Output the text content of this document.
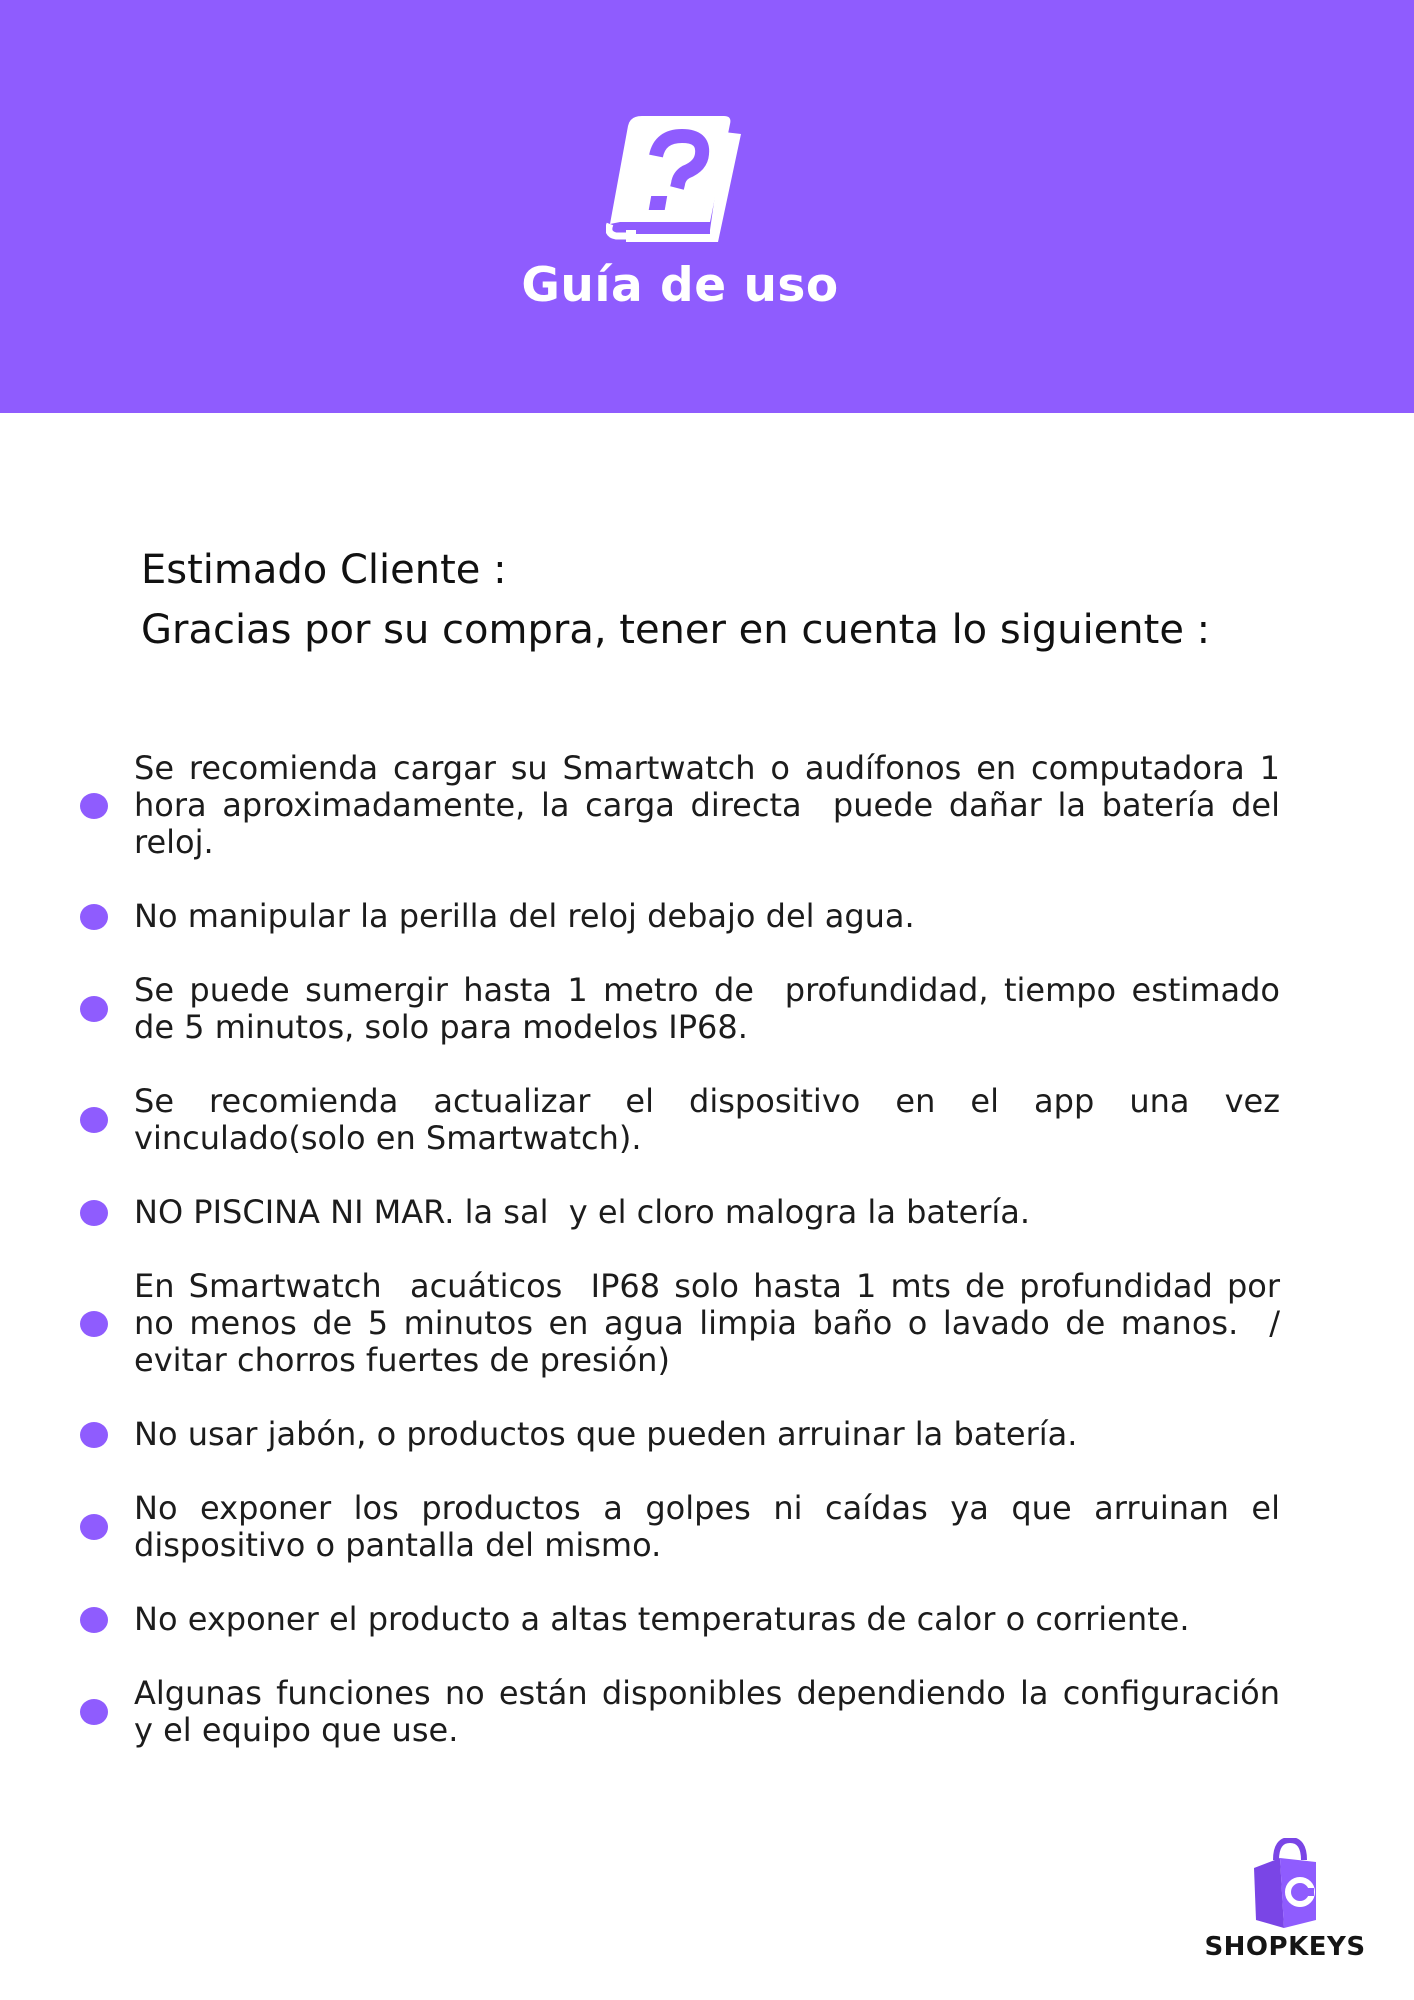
Guía de uso
Estimado Cliente :
Gracias por su compra, tener en cuenta lo siguiente :
Se recomienda cargar su Smartwatch o audífonos en computadora 1 hora aproximadamente, la carga directa  puede dañar la batería del reloj.
No manipular la perilla del reloj debajo del agua.
Se puede sumergir hasta 1 metro de  profundidad, tiempo estimado   de 5 minutos, solo para modelos IP68.
Se recomienda actualizar el dispositivo en el app una vez vinculado(solo en Smartwatch).
NO PISCINA NI MAR. la sal  y el cloro malogra la batería.
En Smartwatch  acuáticos  IP68 solo hasta 1 mts de profundidad por no menos de 5 minutos en agua limpia baño o lavado de manos.  / evitar chorros fuertes de presión)
No usar jabón, o productos que pueden arruinar la batería.
No exponer los productos a golpes ni caídas ya que arruinan el dispositivo o pantalla del mismo.
No exponer el producto a altas temperaturas de calor o corriente.
Algunas funciones no están disponibles dependiendo la configuración y el equipo que use.
SHOPKEYS
